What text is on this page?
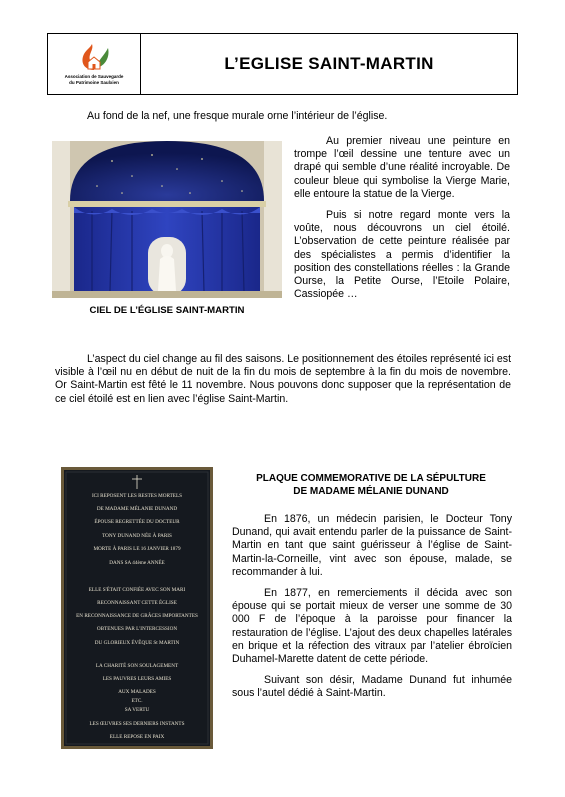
Association de Sauvegarde
du Patrimoine Saulxien
L’EGLISE SAINT-MARTIN

Au fond de la nef, une fresque murale orne l’intérieur de l’église.

CIEL DE L’ÉGLISE SAINT-MARTIN

Au premier niveau une peinture en trompe l’œil dessine une tenture avec un drapé qui semble d’une réalité incroyable. De couleur bleue qui symbolise la Vierge Marie, elle entoure la statue de la Vierge.

Puis si notre regard monte vers la voûte, nous découvrons un ciel étoilé. L’observation de cette peinture réalisée par des spécialistes a permis d’identifier la position des constellations réelles : la Grande Ourse, la Petite Ourse, l’Etoile Polaire, Cassiopée …

L’aspect du ciel change au fil des saisons. Le positionnement des étoiles représenté ici est visible à l’œil nu en début de nuit de la fin du mois de septembre à la fin du mois de novembre. Or Saint-Martin est fêté le 11 novembre. Nous pouvons donc supposer que la représentation de ce ciel étoilé est en lien avec l’église Saint-Martin.

ICI REPOSENT LES RESTES MORTELS
DE MADAME MÉLANIE DUNAND
ÉPOUSE REGRETTÉE DU DOCTEUR
TONY DUNAND NÉE À PARIS
MORTE À PARIS LE 16 JANVIER 1879
DANS SA 44ème ANNÉE
ELLE S'ÉTAIT CONFIÉE AVEC SON MARI
RECONNAISSANT CETTE ÉGLISE
EN RECONNAISSANCE DE GRÂCES IMPORTANTES
OBTENUES PAR L'INTERCESSION
DU GLORIEUX ÉVÊQUE St MARTIN
LA CHARITÉ SON SOULAGEMENT
LES PAUVRES LEURS AMIES
AUX MALADES
ETC.
SA VERTU
LES ŒUVRES SES DERNIERS INSTANTS
ELLE REPOSE EN PAIX
PLAQUE COMMEMORATIVE DE LA SÉPULTURE
DE MADAME MÉLANIE DUNAND

En 1876, un médecin parisien, le Docteur Tony Dunand, qui avait entendu parler de la puissance de Saint-Martin en tant que saint guérisseur à l’église de Saint-Martin-la-Corneille, vint avec son épouse, malade, se recommander à lui.

En 1877, en remerciements il décida avec son épouse qui se portait mieux de verser une somme de 30 000 F de l’époque à la paroisse pour financer la restauration de l’église. L’ajout des deux chapelles latérales en brique et la réfection des vitraux par l’atelier ébroïcien Duhamel-Marette datent de cette période.

Suivant son désir, Madame Dunand fut inhumée sous l’autel dédié à Saint-Martin.
